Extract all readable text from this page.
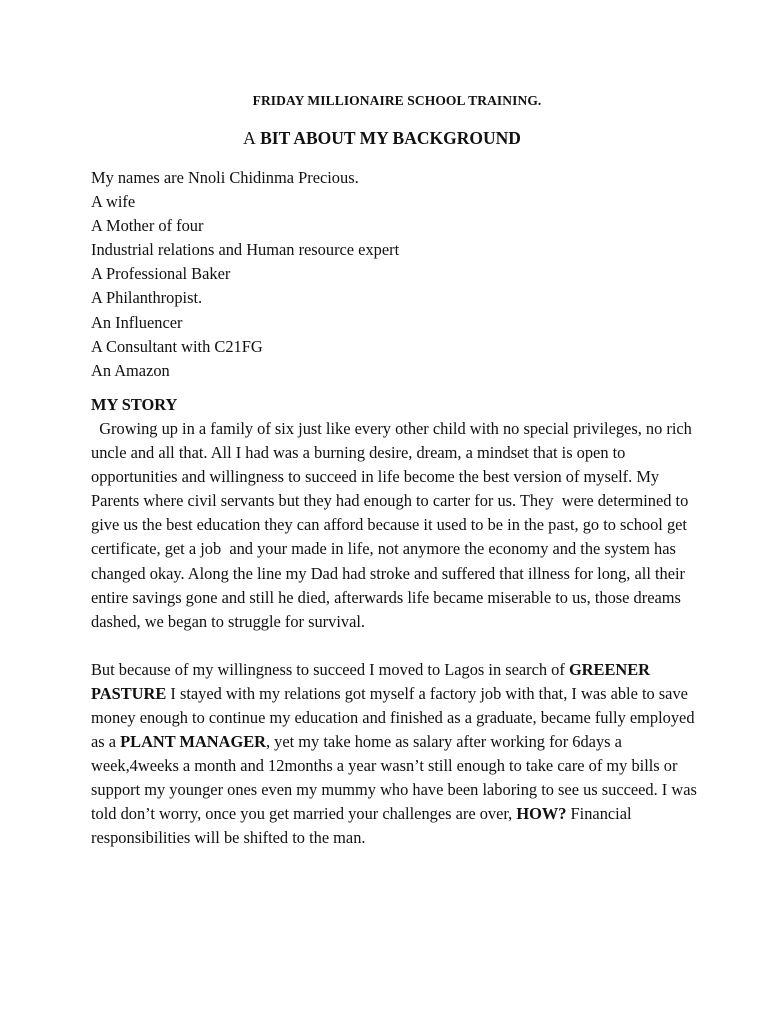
FRIDAY MILLIONAIRE SCHOOL TRAINING.
A BIT ABOUT MY BACKGROUND
My names are Nnoli Chidinma Precious.
A wife
A Mother of four
Industrial relations and Human resource expert
A Professional Baker
A Philanthropist.
An Influencer
A Consultant with C21FG
An Amazon
MY STORY

Growing up in a family of six just like every other child with no special privileges, no rich uncle and all that. All I had was a burning desire, dream, a mindset that is open to opportunities and willingness to succeed in life become the best version of myself. My Parents where civil servants but they had enough to carter for us. They  were determined to give us the best education they can afford because it used to be in the past, go to school get certificate, get a job  and your made in life, not anymore the economy and the system has changed okay. Along the line my Dad had stroke and suffered that illness for long, all their entire savings gone and still he died, afterwards life became miserable to us, those dreams dashed, we began to struggle for survival.

But because of my willingness to succeed I moved to Lagos in search of GREENER PASTURE I stayed with my relations got myself a factory job with that, I was able to save money enough to continue my education and finished as a graduate, became fully employed as a PLANT MANAGER, yet my take home as salary after working for 6days a week,4weeks a month and 12months a year wasn’t still enough to take care of my bills or support my younger ones even my mummy who have been laboring to see us succeed. I was told don’t worry, once you get married your challenges are over, HOW? Financial responsibilities will be shifted to the man.
